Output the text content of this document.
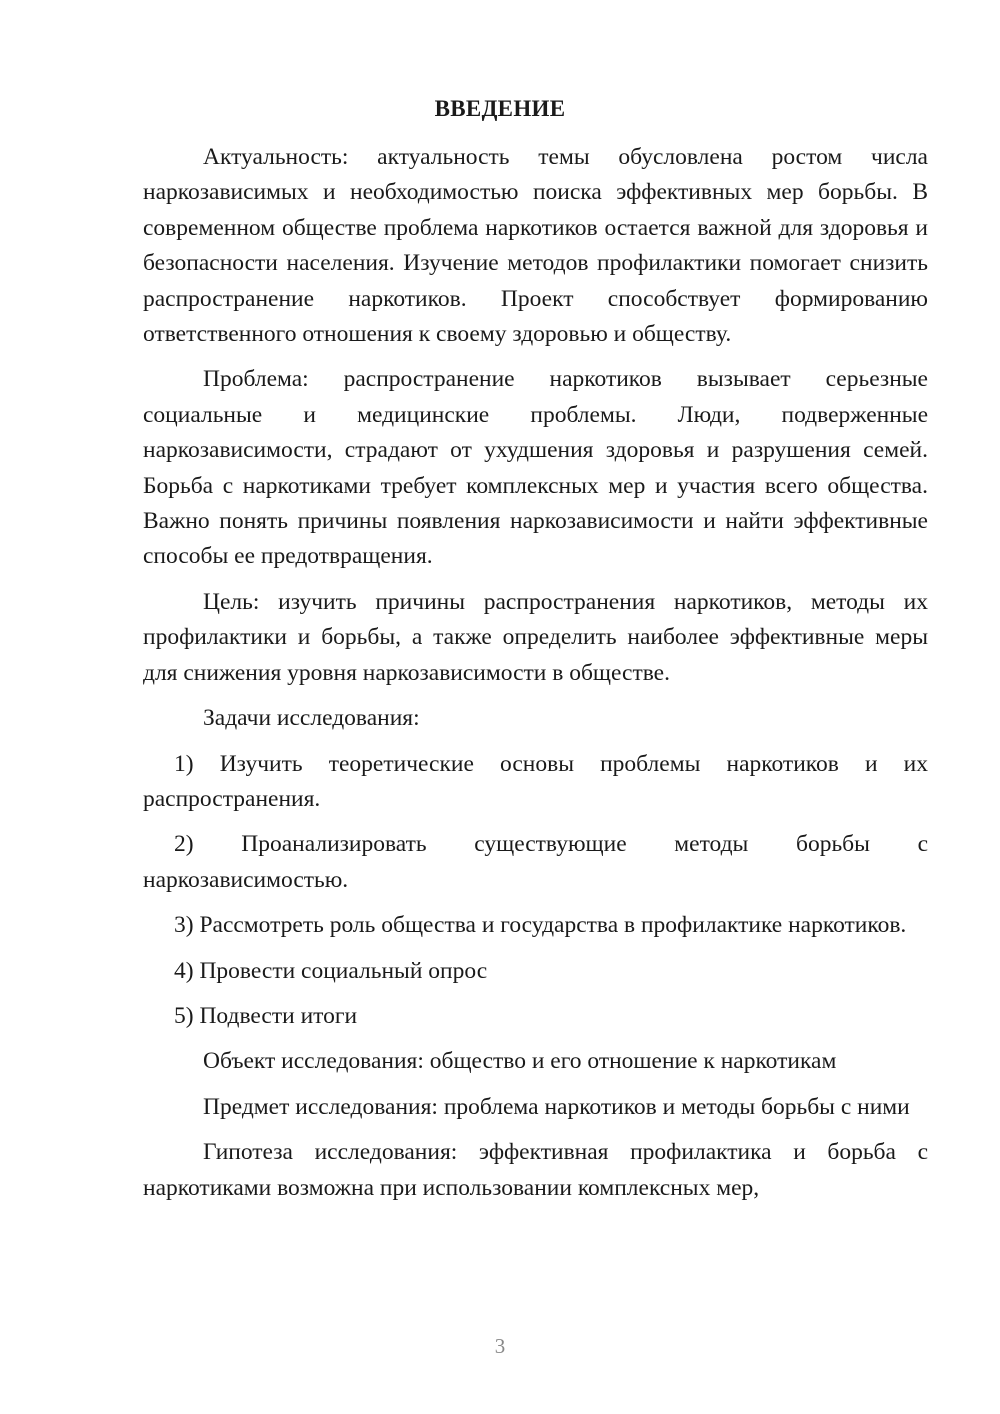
ВВЕДЕНИЕ

Актуальность: актуальность темы обусловлена ростом числа наркозависимых и необходимостью поиска эффективных мер борьбы. В современном обществе проблема наркотиков остается важной для здоровья и безопасности населения. Изучение методов профилактики помогает снизить распространение наркотиков. Проект способствует формированию ответственного отношения к своему здоровью и обществу.

Проблема: распространение наркотиков вызывает серьезные социальные и медицинские проблемы. Люди, подверженные наркозависимости, страдают от ухудшения здоровья и разрушения семей. Борьба с наркотиками требует комплексных мер и участия всего общества. Важно понять причины появления наркозависимости и найти эффективные способы ее предотвращения.

Цель: изучить причины распространения наркотиков, методы их профилактики и борьбы, а также определить наиболее эффективные меры для снижения уровня наркозависимости в обществе.

Задачи исследования:

1) Изучить теоретические основы проблемы наркотиков и их распространения.

2) Проанализировать существующие методы борьбы с наркозависимостью.

3) Рассмотреть роль общества и государства в профилактике наркотиков.

4) Провести социальный опрос

5) Подвести итоги

Объект исследования: общество и его отношение к наркотикам

Предмет исследования: проблема наркотиков и методы борьбы с ними

Гипотеза исследования: эффективная профилактика и борьба с наркотиками возможна при использовании комплексных мер,

3
